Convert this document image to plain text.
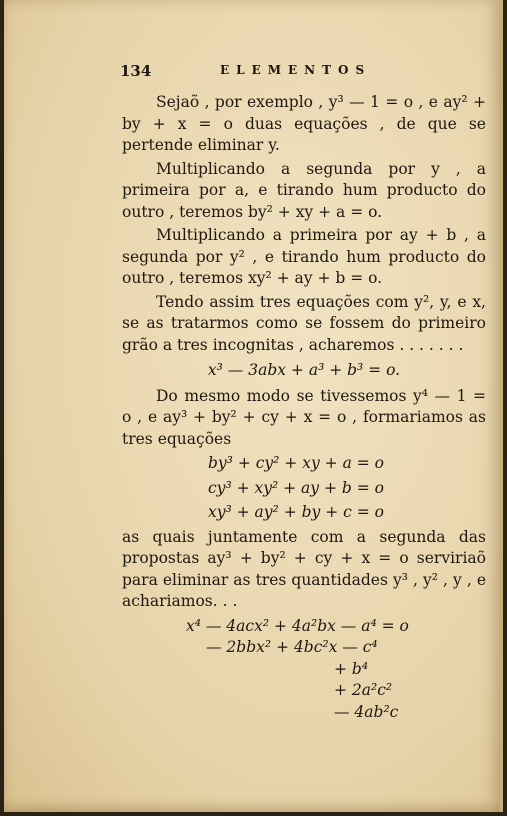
134	ELEMENTOS

Sejaõ , por exemplo , y³ — 1 = o , e ay² + by + x = o duas equações , de que se pertende eliminar y.

Multiplicando a segunda por y , a primeira por a, e tirando hum producto do outro , teremos by² + xy + a = o.

Multiplicando a primeira por ay + b , a segunda por y² , e tirando hum producto do outro , teremos xy² + ay + b = o.

Tendo assim tres equações com y², y, e x, se as tratarmos como se fossem do primeiro grão a tres incognitas , acharemos . . . . . . .

x³ — 3abx + a³ + b³ = o.

Do mesmo modo se tivessemos y⁴ — 1 = o , e ay³ + by² + cy + x = o , formariamos as tres equações

by³ + cy² + xy + a = o
cy³ + xy² + ay + b = o
xy³ + ay² + by + c = o

as quais juntamente com a segunda das propostas ay³ + by² + cy + x = o serviriaõ para eliminar as tres quantidades y³ , y² , y , e achariamos. . .

x⁴ — 4acx² + 4a²bx — a⁴ = o
— 2bbx² + 4bc²x — c⁴
+ b⁴
+ 2a²c²
— 4ab²c
